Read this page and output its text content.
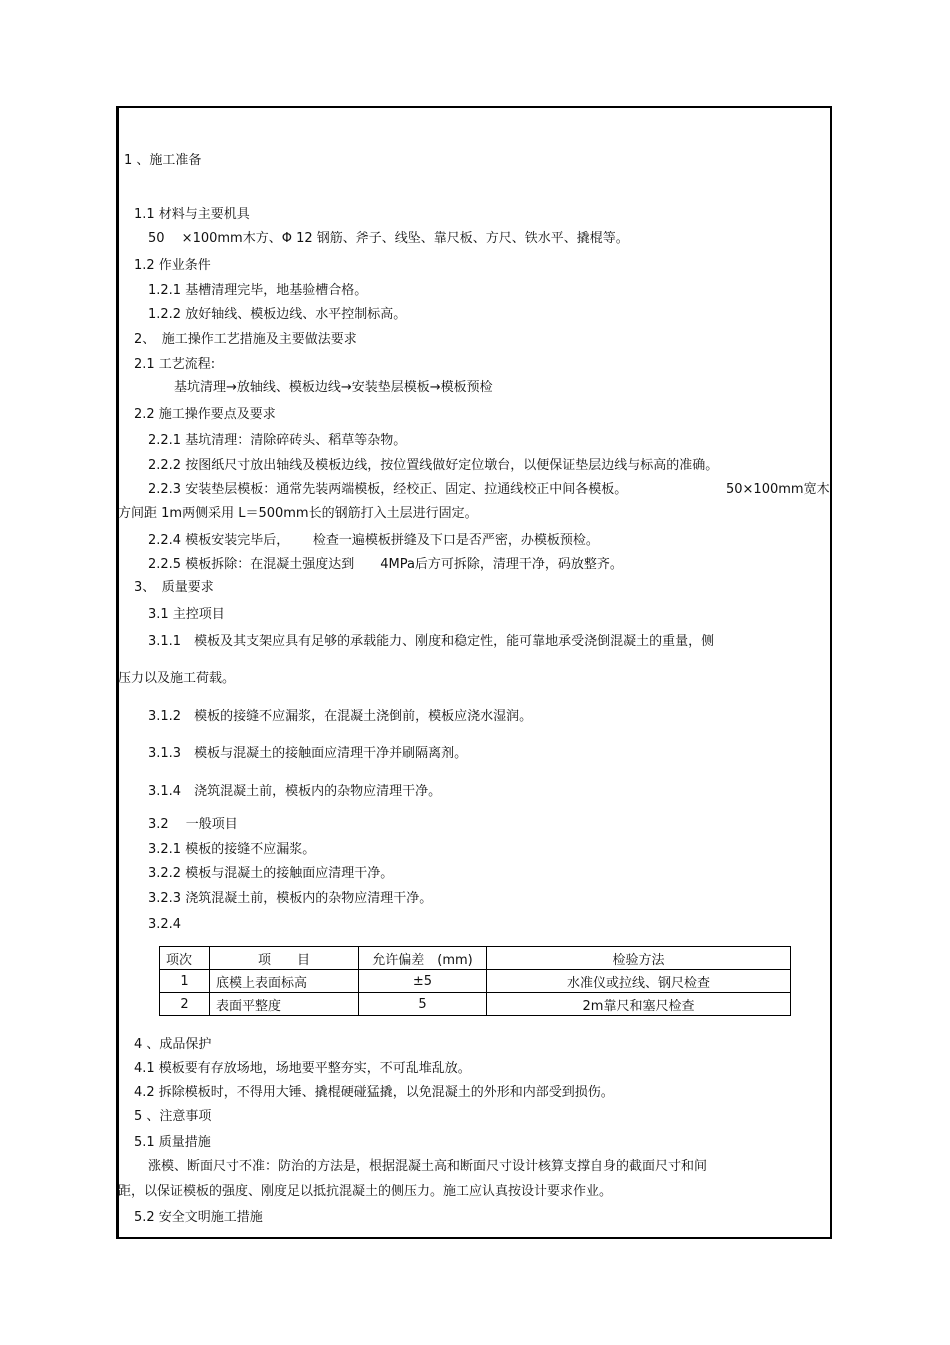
1 、施工准备
1.1 材料与主要机具
50　 ×100mm木方、Φ 12 钢筋、斧子、线坠、靠尺板、方尺、铁水平、撬棍等。
1.2 作业条件
1.2.1 基槽清理完毕，地基验槽合格。
1.2.2 放好轴线、模板边线、水平控制标高。
2、　施工操作工艺措施及主要做法要求
2.1 工艺流程:
基坑清理→放轴线、模板边线→安装垫层模板→模板预检
2.2 施工操作要点及要求
2.2.1 基坑清理：清除碎砖头、稻草等杂物。
2.2.2 按图纸尺寸放出轴线及模板边线，按位置线做好定位墩台，以便保证垫层边线与标高的准确。
2.2.3 安装垫层模板：通常先装两端模板，经校正、固定、拉通线校正中间各模板。	50×100mm宽木
方间距 1m两侧采用 L＝500mm长的钢筋打入土层进行固定。
2.2.4 模板安装完毕后，　　 检查一遍模板拼缝及下口是否严密，办模板预检。
2.2.5 模板拆除：在混凝土强度达到　　4MPa后方可拆除，清理干净，码放整齐。
3、　质量要求
3.1 主控项目
3.1.1　模板及其支架应具有足够的承载能力、刚度和稳定性，能可靠地承受浇倒混凝土的重量，侧
压力以及施工荷载。
3.1.2　模板的接缝不应漏浆，在混凝土浇倒前，模板应浇水湿润。
3.1.3　模板与混凝土的接触面应清理干净并刷隔离剂。
3.1.4　浇筑混凝土前，模板内的杂物应清理干净。
3.2　 一般项目
3.2.1 模板的接缝不应漏浆。
3.2.2 模板与混凝土的接触面应清理干净。
3.2.3 浇筑混凝土前，模板内的杂物应清理干净。
3.2.4
项次	项　　目	允许偏差　(mm)	检验方法
1	底模上表面标高	±5	水准仪或拉线、钢尺检查
2	表面平整度	5	2m靠尺和塞尺检查
4 、成品保护
4.1 模板要有存放场地，场地要平整夯实，不可乱堆乱放。
4.2 拆除模板时，不得用大锤、撬棍硬碰猛撬，以免混凝土的外形和内部受到损伤。
5 、注意事项
5.1 质量措施
涨模、断面尺寸不准：防治的方法是，根据混凝土高和断面尺寸设计核算支撑自身的截面尺寸和间
距，以保证模板的强度、刚度足以抵抗混凝土的侧压力。施工应认真按设计要求作业。
5.2 安全文明施工措施
